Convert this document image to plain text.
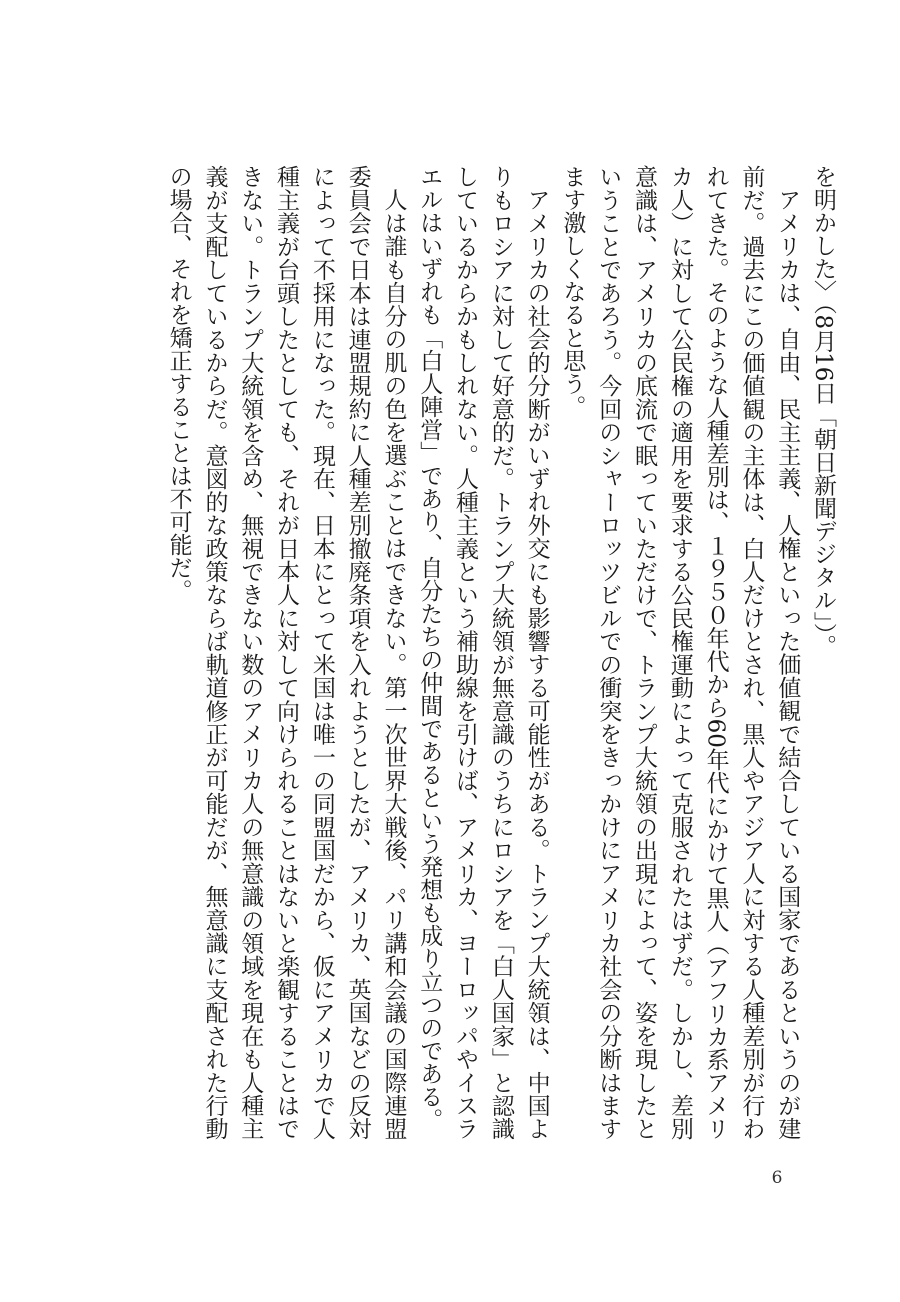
を明かした〉（8月16日「朝日新聞デジタル」）。

アメリカは、自由、民主主義、人権といった価値観で結合している国家であるというのが建前だ。過去にこの価値観の主体は、白人だけとされ、黒人やアジア人に対する人種差別が行われてきた。そのような人種差別は、１９５０年代から60年代にかけて黒人（アフリカ系アメリカ人）に対して公民権の適用を要求する公民権運動によって克服されたはずだ。しかし、差別意識は、アメリカの底流で眠っていただけで、トランプ大統領の出現によって、姿を現したということであろう。今回のシャーロッツビルでの衝突をきっかけにアメリカ社会の分断はますます激しくなると思う。

アメリカの社会的分断がいずれ外交にも影響する可能性がある。トランプ大統領は、中国よりもロシアに対して好意的だ。トランプ大統領が無意識のうちにロシアを「白人国家」と認識しているからかもしれない。人種主義という補助線を引けば、アメリカ、ヨーロッパやイスラエルはいずれも「白人陣営」であり、自分たちの仲間であるという発想も成り立つのである。

人は誰も自分の肌の色を選ぶことはできない。第一次世界大戦後、パリ講和会議の国際連盟委員会で日本は連盟規約に人種差別撤廃条項を入れようとしたが、アメリカ、英国などの反対によって不採用になった。現在、日本にとって米国は唯一の同盟国だから、仮にアメリカで人種主義が台頭したとしても、それが日本人に対して向けられることはないと楽観することはできない。トランプ大統領を含め、無視できない数のアメリカ人の無意識の領域を現在も人種主義が支配しているからだ。意図的な政策ならば軌道修正が可能だが、無意識に支配された行動の場合、それを矯正することは不可能だ。

6
